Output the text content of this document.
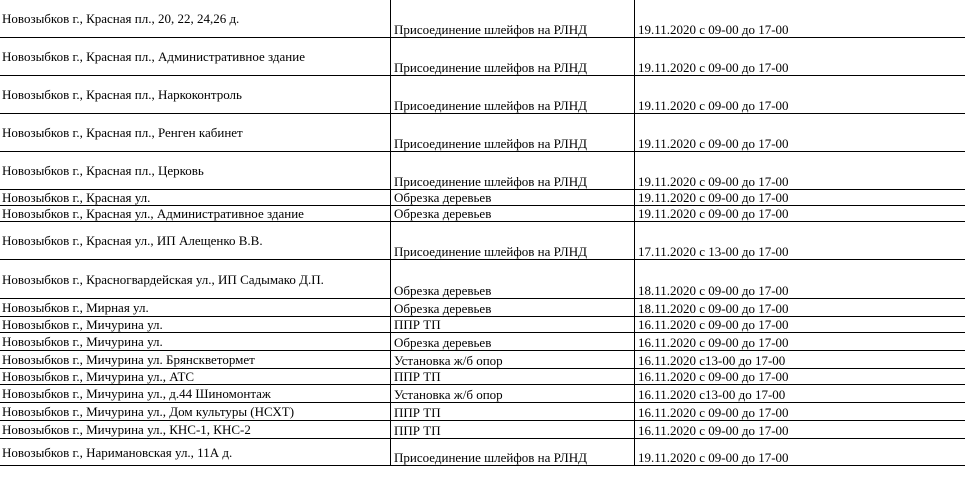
Новозыбков г., Красная пл., 20, 22, 24,26 д.	Присоединение шлейфов на РЛНД	19.11.2020 с 09-00 до 17-00
Новозыбков г., Красная пл., Административное здание	Присоединение шлейфов на РЛНД	19.11.2020 с 09-00 до 17-00
Новозыбков г., Красная пл., Наркоконтроль	Присоединение шлейфов на РЛНД	19.11.2020 с 09-00 до 17-00
Новозыбков г., Красная пл., Ренген кабинет	Присоединение шлейфов на РЛНД	19.11.2020 с 09-00 до 17-00
Новозыбков г., Красная пл., Церковь	Присоединение шлейфов на РЛНД	19.11.2020 с 09-00 до 17-00
Новозыбков г., Красная ул.	Обрезка деревьев	19.11.2020 с 09-00 до 17-00
Новозыбков г., Красная ул., Административное здание	Обрезка деревьев	19.11.2020 с 09-00 до 17-00
Новозыбков г., Красная ул., ИП Алещенко В.В.	Присоединение шлейфов на РЛНД	17.11.2020 с 13-00 до 17-00
Новозыбков г., Красногвардейская ул., ИП Садымако Д.П.	Обрезка деревьев	18.11.2020 с 09-00 до 17-00
Новозыбков г., Мирная ул.	Обрезка деревьев	18.11.2020 с 09-00 до 17-00
Новозыбков г., Мичурина ул.	ППР ТП	16.11.2020 с 09-00 до 17-00
Новозыбков г., Мичурина ул.	Обрезка деревьев	16.11.2020 с 09-00 до 17-00
Новозыбков г., Мичурина ул. Брянскветормет	Установка ж/б опор	16.11.2020 с13-00 до 17-00
Новозыбков г., Мичурина ул., АТС	ППР ТП	16.11.2020 с 09-00 до 17-00
Новозыбков г., Мичурина ул., д.44 Шиномонтаж	Установка ж/б опор	16.11.2020 с13-00 до 17-00
Новозыбков г., Мичурина ул., Дом культуры (НСХТ)	ППР ТП	16.11.2020 с 09-00 до 17-00
Новозыбков г., Мичурина ул., КНС-1, КНС-2	ППР ТП	16.11.2020 с 09-00 до 17-00
Новозыбков г., Наримановская ул., 11А д.	Присоединение шлейфов на РЛНД	19.11.2020 с 09-00 до 17-00
